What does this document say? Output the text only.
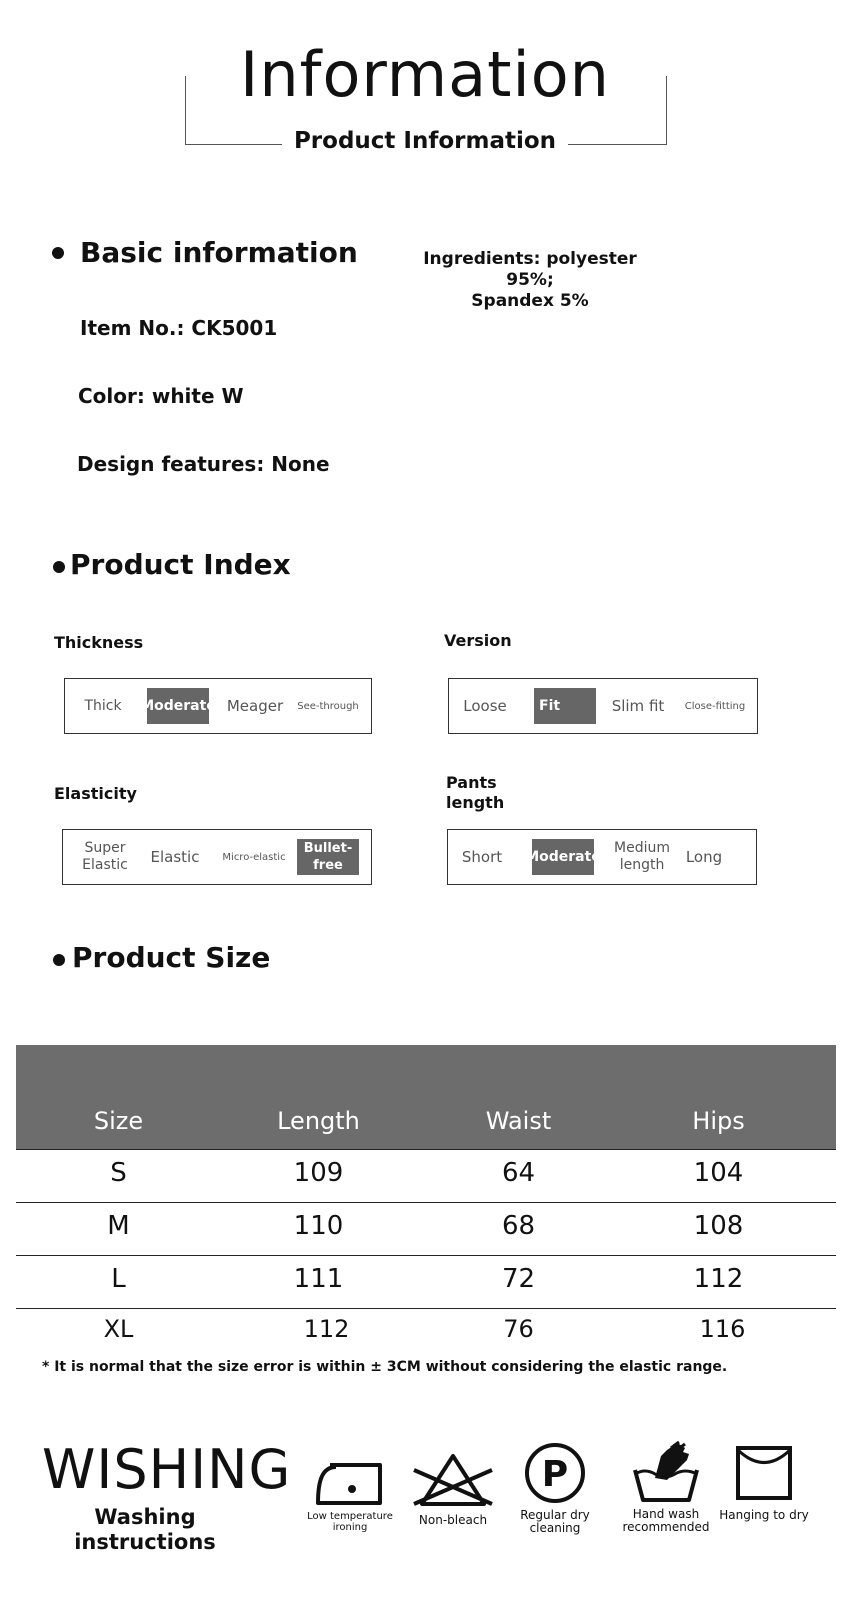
Information
Product Information
Basic information
Item No.: CK5001
Color: white W
Design features: None
Ingredients: polyester 95%;
Spandex 5%
Product Index
Thickness
Thick	Moderate Meager	See-through
Version
Loose	Fit	Slim fit	Close-fitting
Elasticity
Super Elastic	Elastic	Micro-elastic
Bullet-free
Pants length
Short	Moderate
Medium length	Long
Product Size
Size	Length	Waist	Hips
S	109	64	104
M	110	68	108
L	111	72	112
XL	112	76	116
* It is normal that the size error is within ± 3CM without considering the elastic range.
WISHING
Washing instructions
Low temperature ironing
Non-bleach
P
Regular dry cleaning
Hand wash recommended
Hanging to dry
